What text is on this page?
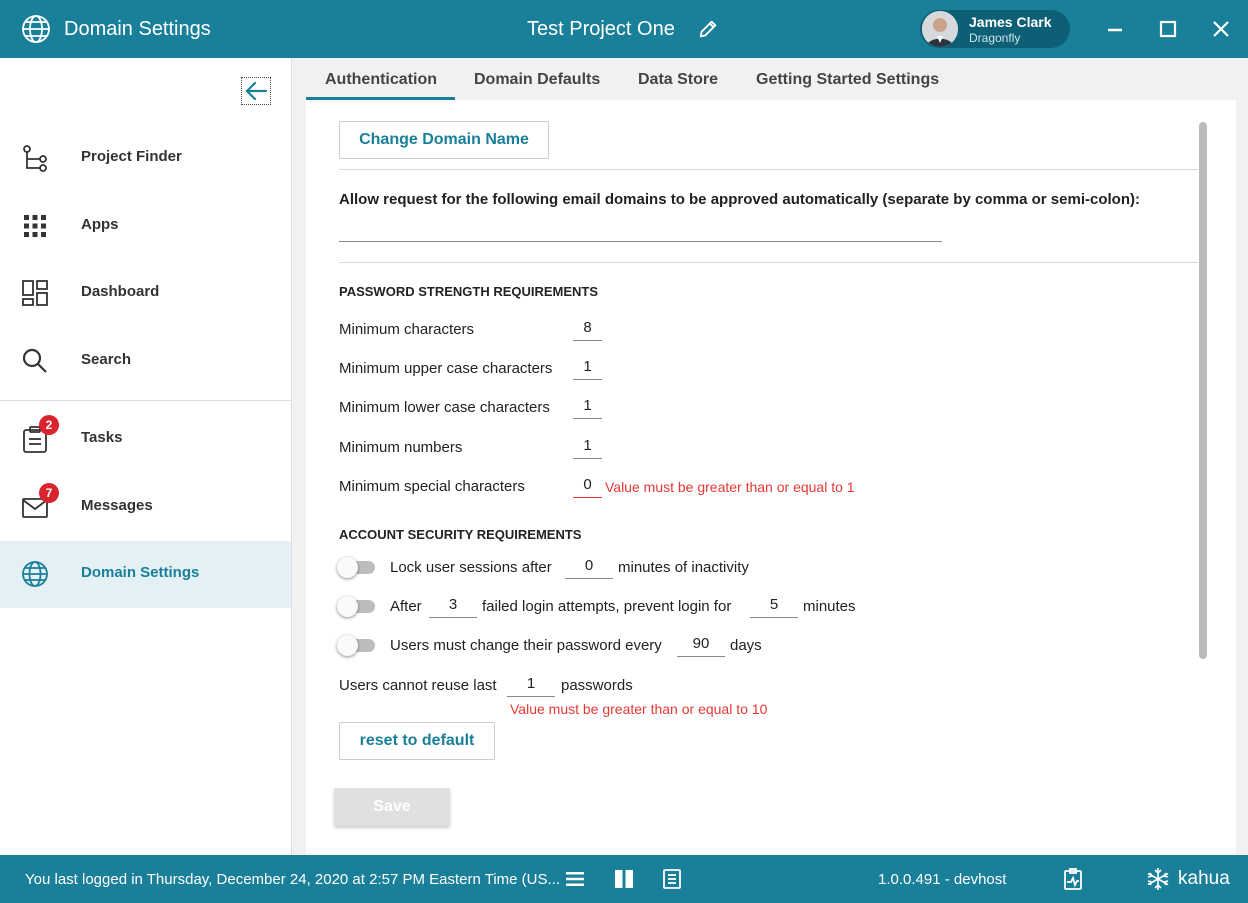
Domain Settings	Test Project One	James Clark
Dragonfly
Project Finder
Apps
Dashboard
Search
2
Tasks
7
Messages
Domain Settings
Authentication Domain Defaults Data Store Getting Started Settings
Change Domain Name
Allow request for the following email domains to be approved automatically (separate by comma or semi-colon):
PASSWORD STRENGTH REQUIREMENTS
Minimum characters	8
Minimum upper case characters	1
Minimum lower case characters	1
Minimum numbers	1
Minimum special characters	0 Value must be greater than or equal to 1
ACCOUNT SECURITY REQUIREMENTS
Lock user sessions after	0	minutes of inactivity
After	3	failed login attempts, prevent login for	5	minutes
Users must change their password every	90	days
Users cannot reuse last	1	passwords
Value must be greater than or equal to 10
reset to default
Save
You last logged in Thursday, December 24, 2020 at 2:57 PM Eastern Time (US...	1.0.0.491 - devhost	kahua
